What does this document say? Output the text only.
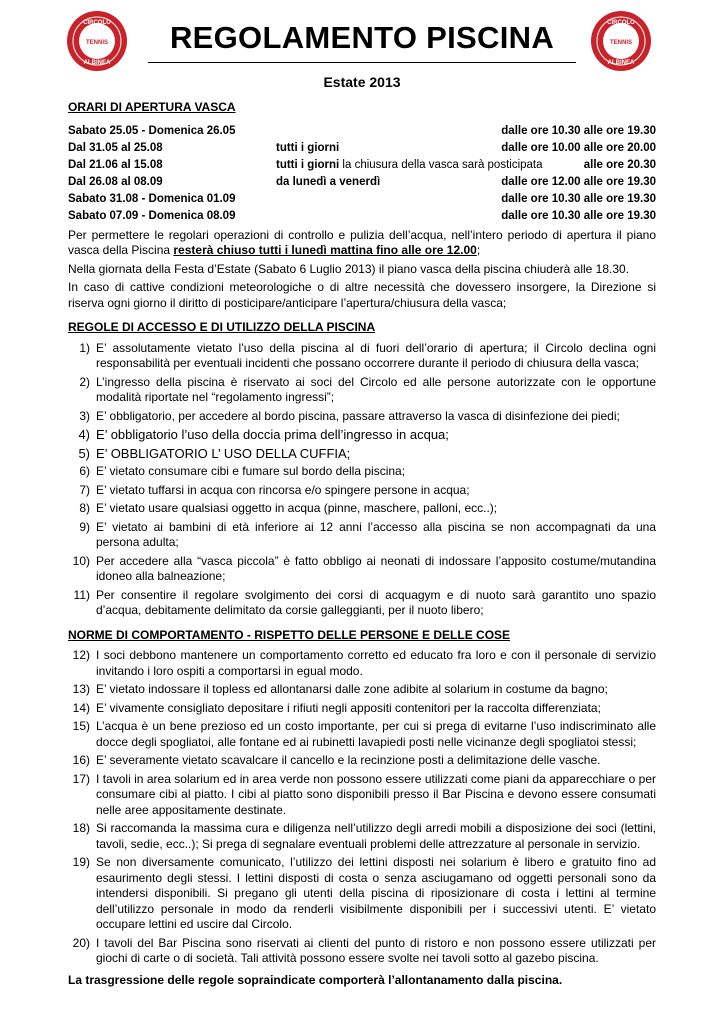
CIRCOLO
TENNIS
ALBINEA
CIRCOLO
TENNIS
ALBINEA
REGOLAMENTO PISCINA
Estate 2013

ORARI DI APERTURA VASCA

Sabato 25.05 - Domenica 26.05	dalle ore 10.30 alle ore 19.30
Dal 31.05 al 25.08	tutti i giorni	dalle ore 10.00 alle ore 20.00
Dal 21.06 al 15.08	tutti i giorni la chiusura della vasca sarà posticipata	alle ore 20.30
Dal 26.08 al 08.09	da lunedì a venerdì	dalle ore 12.00 alle ore 19.30
Sabato 31.08 - Domenica 01.09	dalle ore 10.30 alle ore 19.30
Sabato 07.09 - Domenica 08.09	dalle ore 10.30 alle ore 19.30

Per permettere le regolari operazioni di controllo e pulizia dell’acqua, nell’intero periodo di apertura il piano vasca della Piscina resterà chiuso tutti i lunedì mattina fino alle ore 12.00;

Nella giornata della Festa d’Estate (Sabato 6 Luglio 2013) il piano vasca della piscina chiuderà alle 18.30.

In caso di cattive condizioni meteorologiche o di altre necessità che dovessero insorgere, la Direzione si riserva ogni giorno il diritto di posticipare/anticipare l’apertura/chiusura della vasca;

REGOLE DI ACCESSO E DI UTILIZZO DELLA PISCINA

1) E’ assolutamente vietato l’uso della piscina al di fuori dell’orario di apertura; il Circolo declina ogni responsabilità per eventuali incidenti che possano occorrere durante il periodo di chiusura della vasca;
2) L’ingresso della piscina è riservato ai soci del Circolo ed alle persone autorizzate con le opportune modalità riportate nel “regolamento ingressi”;
3) E’ obbligatorio, per accedere al bordo piscina, passare attraverso la vasca di disinfezione dei piedi;
4) E’ obbligatorio l’uso della doccia prima dell’ingresso in acqua;
5) E’ OBBLIGATORIO L’ USO DELLA CUFFIA;
6) E’ vietato consumare cibi e fumare sul bordo della piscina;
7) E’ vietato tuffarsi in acqua con rincorsa e/o spingere persone in acqua;
8) E’ vietato usare qualsiasi oggetto in acqua (pinne, maschere, palloni, ecc..);
9) E’ vietato ai bambini di età inferiore ai 12 anni l’accesso alla piscina se non accompagnati da una persona adulta;
10) Per accedere alla “vasca piccola” è fatto obbligo ai neonati di indossare l’apposito costume/mutandina idoneo alla balneazione;
11) Per consentire il regolare svolgimento dei corsi di acquagym e di nuoto sarà garantito uno spazio d’acqua, debitamente delimitato da corsie galleggianti, per il nuoto libero;

NORME DI COMPORTAMENTO - RISPETTO DELLE PERSONE E DELLE COSE

12) I soci debbono mantenere un comportamento corretto ed educato fra loro e con il personale di servizio invitando i loro ospiti a comportarsi in egual modo.
13) E’ vietato indossare il topless ed allontanarsi dalle zone adibite al solarium in costume da bagno;
14) E’ vivamente consigliato depositare i rifiuti negli appositi contenitori per la raccolta differenziata;
15) L’acqua è un bene prezioso ed un costo importante, per cui si prega di evitarne l’uso indiscriminato alle docce degli spogliatoi, alle fontane ed ai rubinetti lavapiedi posti nelle vicinanze degli spogliatoi stessi;
16) E’ severamente vietato scavalcare il cancello e la recinzione posti a delimitazione delle vasche.
17) I tavoli in area solarium ed in area verde non possono essere utilizzati come piani da apparecchiare o per consumare cibi al piatto. I cibi al piatto sono disponibili presso il Bar Piscina e devono essere consumati nelle aree appositamente destinate.
18) Si raccomanda la massima cura e diligenza nell’utilizzo degli arredi mobili a disposizione dei soci (lettini, tavoli, sedie, ecc..); Si prega di segnalare eventuali problemi delle attrezzature al personale in servizio.
19) Se non diversamente comunicato, l’utilizzo dei lettini disposti nei solarium è libero e gratuito fino ad esaurimento degli stessi. I lettini disposti di costa o senza asciugamano od oggetti personali sono da intendersi disponibili. Si pregano gli utenti della piscina di riposizionare di costa i lettini al termine dell’utilizzo personale in modo da renderli visibilmente disponibili per i successivi utenti. E’ vietato occupare lettini ed uscire dal Circolo.
20) I tavoli del Bar Piscina sono riservati ai clienti del punto di ristoro e non possono essere utilizzati per giochi di carte o di società. Tali attività possono essere svolte nei tavoli sotto al gazebo piscina.

La trasgressione delle regole sopraindicate comporterà l’allontanamento dalla piscina.
